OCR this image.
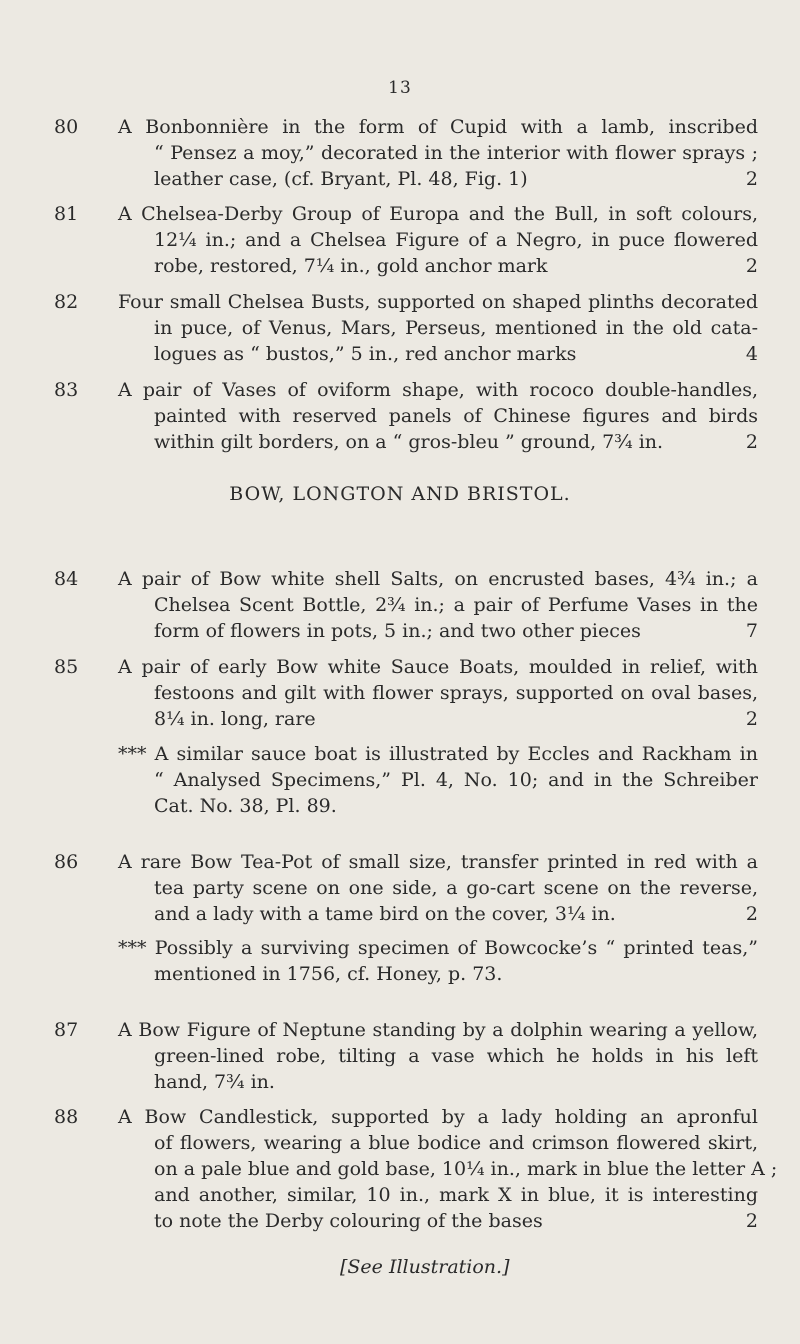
13
80 A Bonbonnière in the form of Cupid with a lamb, inscribed
“ Pensez a moy,” decorated in the interior with flower sprays ;
leather case, (cf. Bryant, Pl. 48, Fig. 1)	2
81 A Chelsea-Derby Group of Europa and the Bull, in soft colours,
12¼ in.; and a Chelsea Figure of a Negro, in puce flowered
robe, restored, 7¼ in., gold anchor mark	2
82 Four small Chelsea Busts, supported on shaped plinths decorated
in puce, of Venus, Mars, Perseus, mentioned in the old cata-
logues as “ bustos,” 5 in., red anchor marks	4
83 A pair of Vases of oviform shape, with rococo double-handles,
painted with reserved panels of Chinese figures and birds
within gilt borders, on a “ gros-bleu ” ground, 7¾ in.	2
BOW, LONGTON AND BRISTOL.
84 A pair of Bow white shell Salts, on encrusted bases, 4¾ in.; a
Chelsea Scent Bottle, 2¾ in.; a pair of Perfume Vases in the
form of flowers in pots, 5 in.; and two other pieces	7
85 A pair of early Bow white Sauce Boats, moulded in relief, with
festoons and gilt with flower sprays, supported on oval bases,
8¼ in. long, rare	2
*** A similar sauce boat is illustrated by Eccles and Rackham in
“ Analysed Specimens,” Pl. 4, No. 10; and in the Schreiber
Cat. No. 38, Pl. 89.
86 A rare Bow Tea-Pot of small size, transfer printed in red with a
tea party scene on one side, a go-cart scene on the reverse,
and a lady with a tame bird on the cover, 3¼ in.	2
*** Possibly a surviving specimen of Bowcocke’s “ printed teas,”
mentioned in 1756, cf. Honey, p. 73.
87 A Bow Figure of Neptune standing by a dolphin wearing a yellow,
green-lined robe, tilting a vase which he holds in his left
hand, 7¾ in.
88 A Bow Candlestick, supported by a lady holding an apronful
of flowers, wearing a blue bodice and crimson flowered skirt,
on a pale blue and gold base, 10¼ in., mark in blue the letter A ;
and another, similar, 10 in., mark X in blue, it is interesting
to note the Derby colouring of the bases	2
[See Illustration.]
